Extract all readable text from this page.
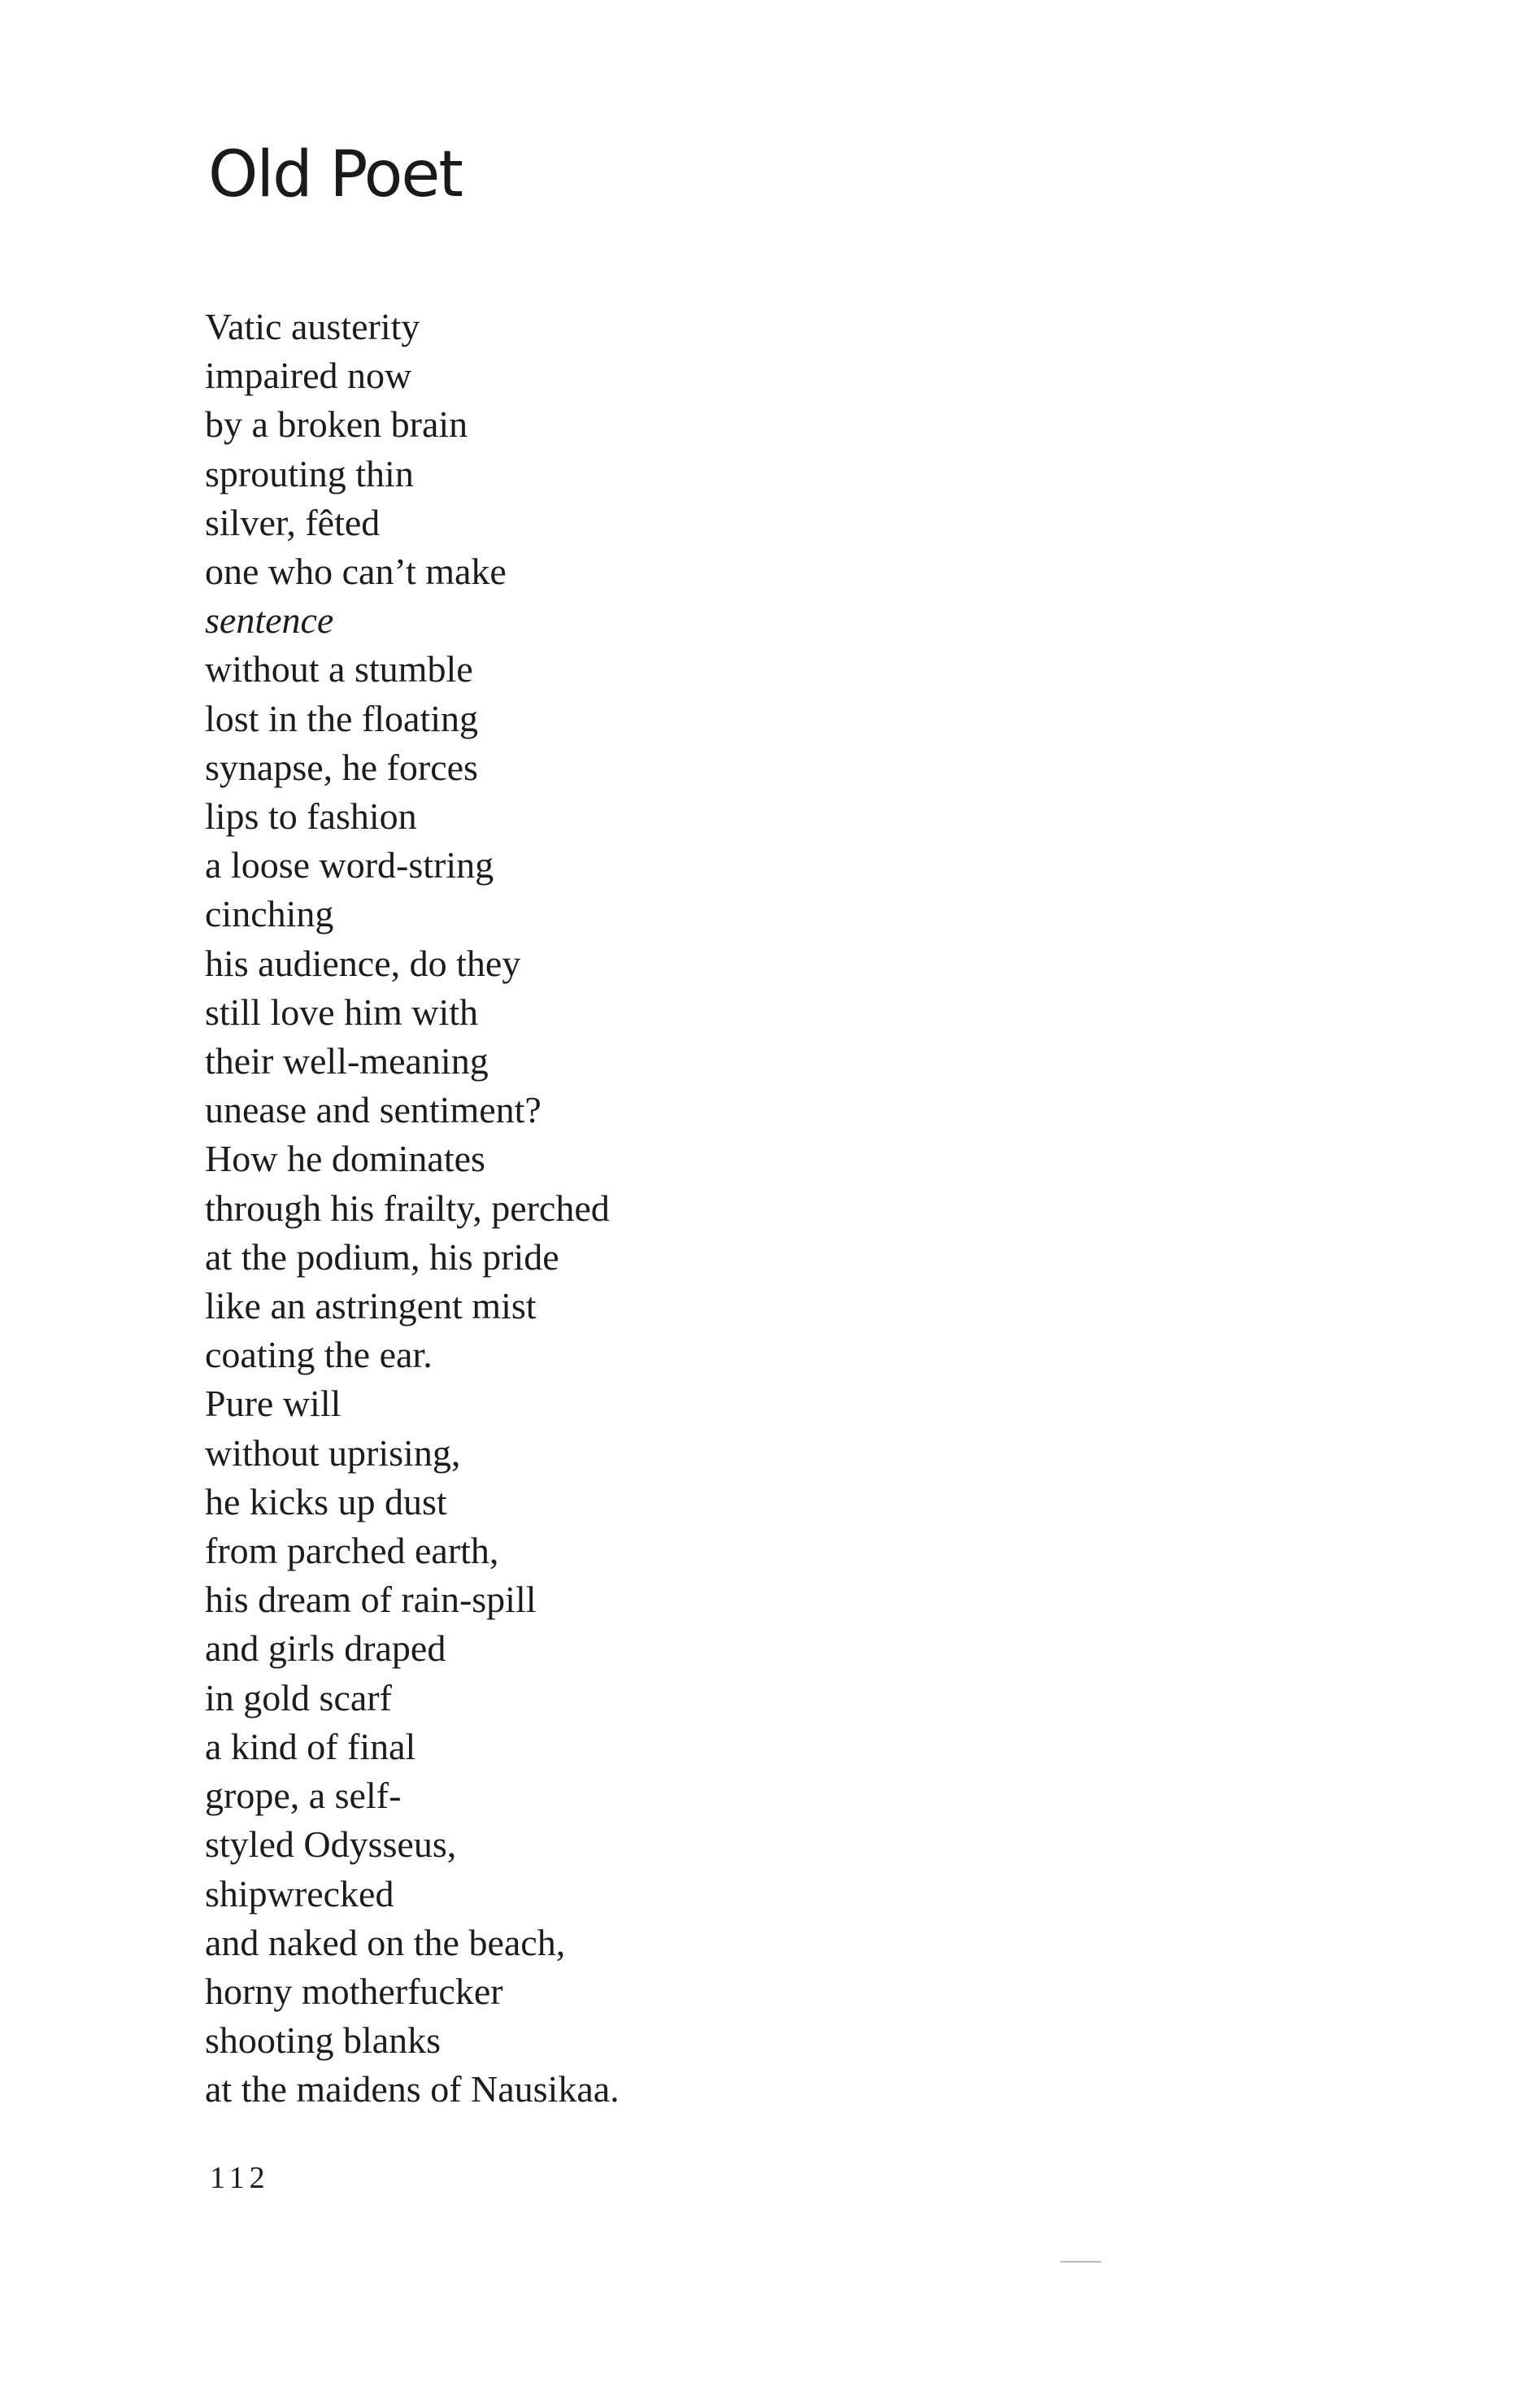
Old Poet
Vatic austerity
impaired now
by a broken brain
sprouting thin
silver, fêted
one who can’t make
sentence
without a stumble
lost in the floating
synapse, he forces
lips to fashion
a loose word-string
cinching
his audience, do they
still love him with
their well-meaning
unease and sentiment?
How he dominates
through his frailty, perched
at the podium, his pride
like an astringent mist
coating the ear.
Pure will
without uprising,
he kicks up dust
from parched earth,
his dream of rain-spill
and girls draped
in gold scarf
a kind of final
grope, a self-
styled Odysseus,
shipwrecked
and naked on the beach,
horny motherfucker
shooting blanks
at the maidens of Nausikaa.
112
